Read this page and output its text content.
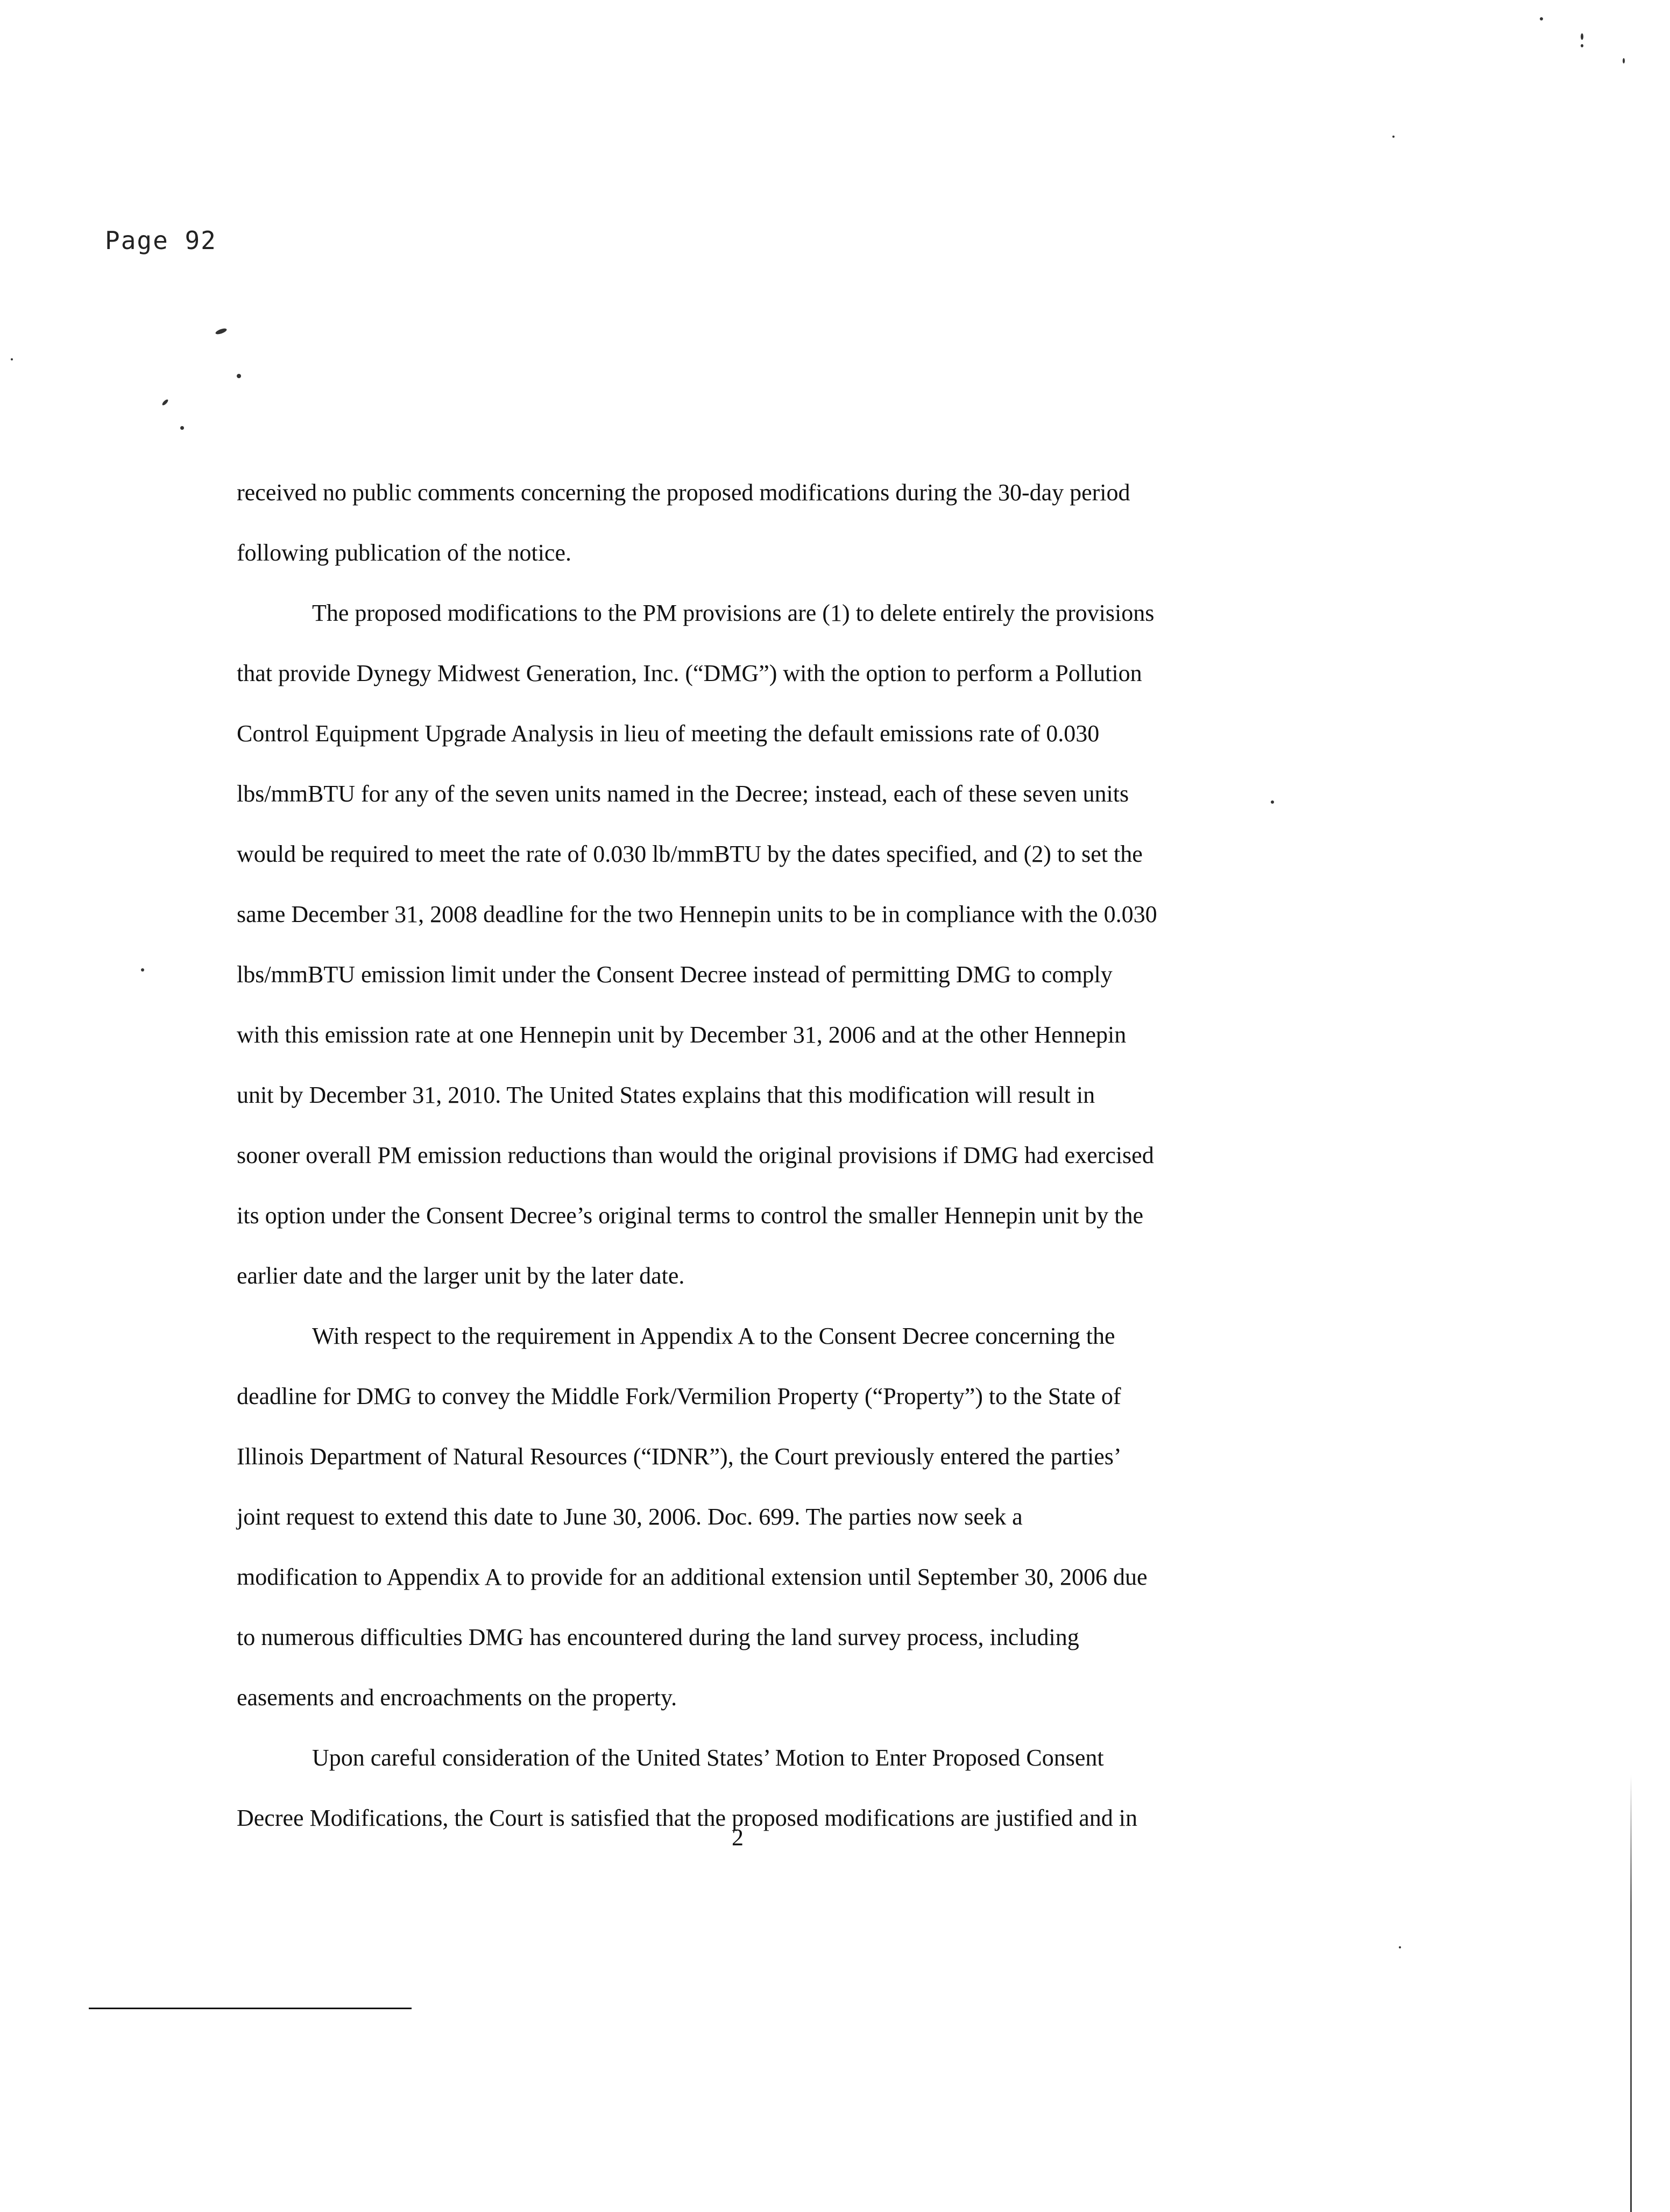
Page 92
received no public comments concerning the proposed modifications during the 30-day period
following publication of the notice.
The proposed modifications to the PM provisions are (1) to delete entirely the provisions
that provide Dynegy Midwest Generation, Inc. (“DMG”) with the option to perform a Pollution
Control Equipment Upgrade Analysis in lieu of meeting the default emissions rate of 0.030
lbs/mmBTU for any of the seven units named in the Decree; instead, each of these seven units
would be required to meet the rate of 0.030 lb/mmBTU by the dates specified, and (2) to set the
same December 31, 2008 deadline for the two Hennepin units to be in compliance with the 0.030
lbs/mmBTU emission limit under the Consent Decree instead of permitting DMG to comply
with this emission rate at one Hennepin unit by December 31, 2006 and at the other Hennepin
unit by December 31, 2010. The United States explains that this modification will result in
sooner overall PM emission reductions than would the original provisions if DMG had exercised
its option under the Consent Decree’s original terms to control the smaller Hennepin unit by the
earlier date and the larger unit by the later date.
With respect to the requirement in Appendix A to the Consent Decree concerning the
deadline for DMG to convey the Middle Fork/Vermilion Property (“Property”) to the State of
Illinois Department of Natural Resources (“IDNR”), the Court previously entered the parties’
joint request to extend this date to June 30, 2006. Doc. 699. The parties now seek a
modification to Appendix A to provide for an additional extension until September 30, 2006 due
to numerous difficulties DMG has encountered during the land survey process, including
easements and encroachments on the property.
Upon careful consideration of the United States’ Motion to Enter Proposed Consent
Decree Modifications, the Court is satisfied that the proposed modifications are justified and in
2
